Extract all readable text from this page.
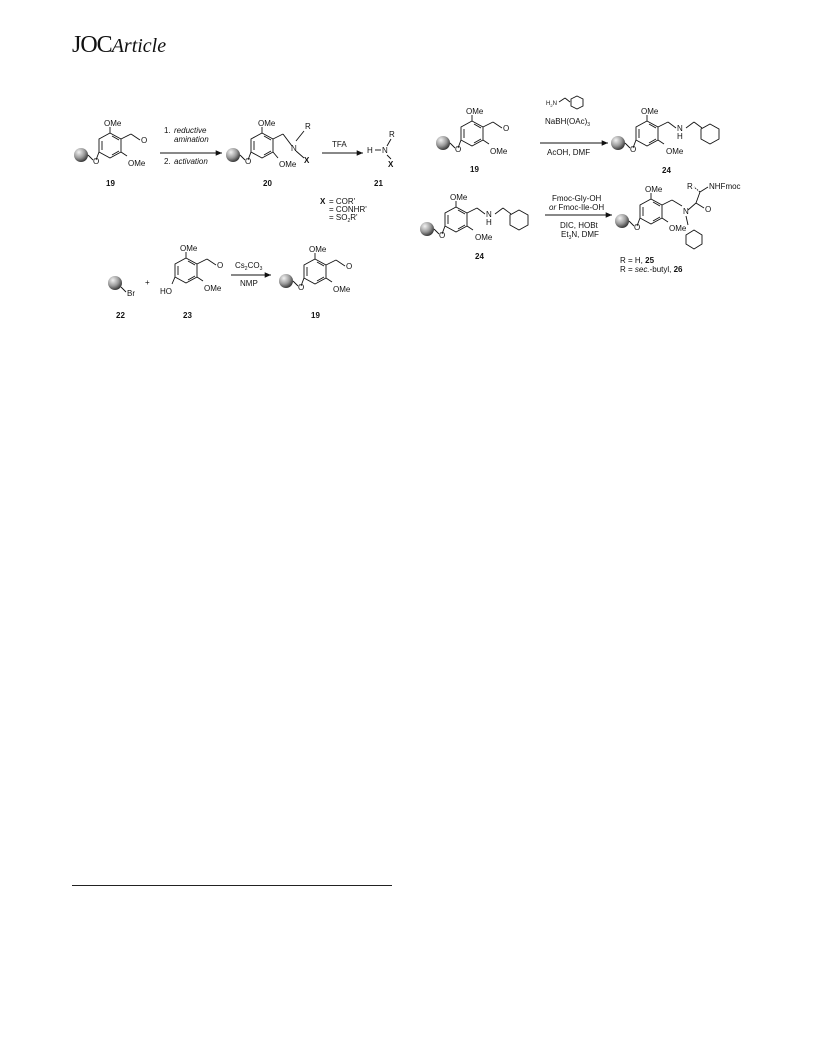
JOCArticle
O
OMe
OMe
O
19
1. reductive
amination
2. activation	O
OMe
OMe
N
R
X
20
TFA
H N
R
X
21
X = COR'
= CONHR'
= $SO_2R'$
Br
22
+
HO
OMe
OMe
O
23
$Cs_2CO_3$
NMP	O
OMe
OMe
O
19
O
OMe
OMe
O
19
$H_2N$
$NaBH(OAc)_3$
AcOH, DMF	O
OMe
OMe
N
H
24
O
OMe
OMe
N
H
24
Fmoc-Gly-OH
or Fmoc-Ile-OH
DIC, HOBt
$Et_3N$, DMF
O
OMe
OMe
N O
R NHFmoc
R = H, 25
R = sec.-butyl, 26
